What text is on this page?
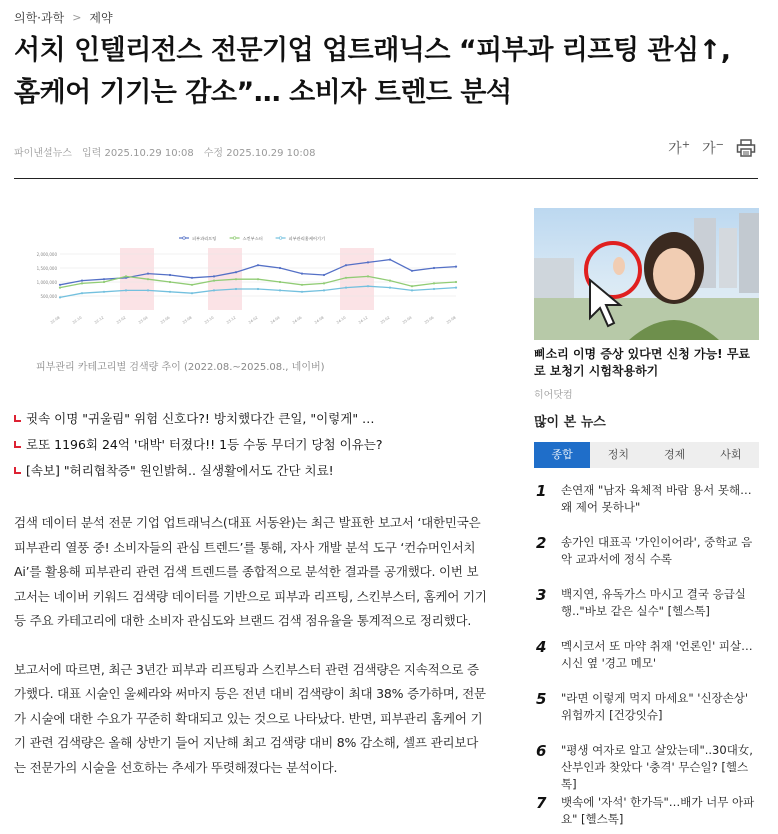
의학·과학 > 제약
서치 인텔리전스 전문기업 업트래닉스 “피부과 리프팅 관심↑, 홈케어 기기는 감소”… 소비자 트렌드 분석
파이낸셜뉴스 입력 2025.10.29 10:08 수정 2025.10.29 10:08	가+ 가−
2,000,000
1,500,000
1,000,000
500,000
22.08	22.10	22.12	23.02	23.04	23.06	23.08	23.10	23.12	24.02	24.04	24.06	24.08	24.10	24.12	25.02	25.04	25.06	25.08
피부과리프팅	스킨부스터	피부관리홈케어기기
피부관리 카테고리별 검색량 추이 (2022.08.~2025.08., 네이버)
귓속 이명 "귀울림" 위험 신호다?! 방치했다간 큰일, "이렇게" …
로또 1196회 24억 '대박' 터졌다!! 1등 수동 무더기 당첨 이유는?
[속보] "허리협착증" 원인밝혀.. 실생활에서도 간단 치료!

검색 데이터 분석 전문 기업 업트래닉스(대표 서동완)는 최근 발표한 보고서 ‘대한민국은 피부관리 열풍 중! 소비자들의 관심 트렌드’를 통해, 자사 개발 분석 도구 ‘컨슈머인서치 Ai’를 활용해 피부관리 관련 검색 트렌드를 종합적으로 분석한 결과를 공개했다. 이번 보고서는 네이버 키워드 검색량 데이터를 기반으로 피부과 리프팅, 스킨부스터, 홈케어 기기 등 주요 카테고리에 대한 소비자 관심도와 브랜드 검색 점유율을 통계적으로 정리했다.

보고서에 따르면, 최근 3년간 피부과 리프팅과 스킨부스터 관련 검색량은 지속적으로 증가했다. 대표 시술인 울쎄라와 써마지 등은 전년 대비 검색량이 최대 38% 증가하며, 전문가 시술에 대한 수요가 꾸준히 확대되고 있는 것으로 나타났다. 반면, 피부관리 홈케어 기기 관련 검색량은 올해 상반기 들어 지난해 최고 검색량 대비 8% 감소해, 셀프 관리보다는 전문가의 시술을 선호하는 추세가 뚜렷해졌다는 분석이다.

삐소리 이명 증상 있다면 신청 가능! 무료로 보청기 시험착용하기
히어닷컴
많이 본 뉴스
종합	정치	경제	사회
1	손연재 "남자 육체적 바람 용서 못해…왜 제어 못하나"
2	송가인 대표곡 '가인이어라', 중학교 음악 교과서에 정식 수록
3	백지연, 유독가스 마시고 결국 응급실행.."바보 같은 실수" [헬스톡]
4	멕시코서 또 마약 취재 '언론인' 피살…시신 옆 '경고 메모'
5	"라면 이렇게 먹지 마세요" '신장손상' 위험까지 [건강잇슈]
6	"평생 여자로 알고 살았는데"..30대女, 산부인과 찾았다 '충격' 무슨일? [헬스톡]
7	뱃속에 '자석' 한가득"…배가 너무 아파요" [헬스톡]
